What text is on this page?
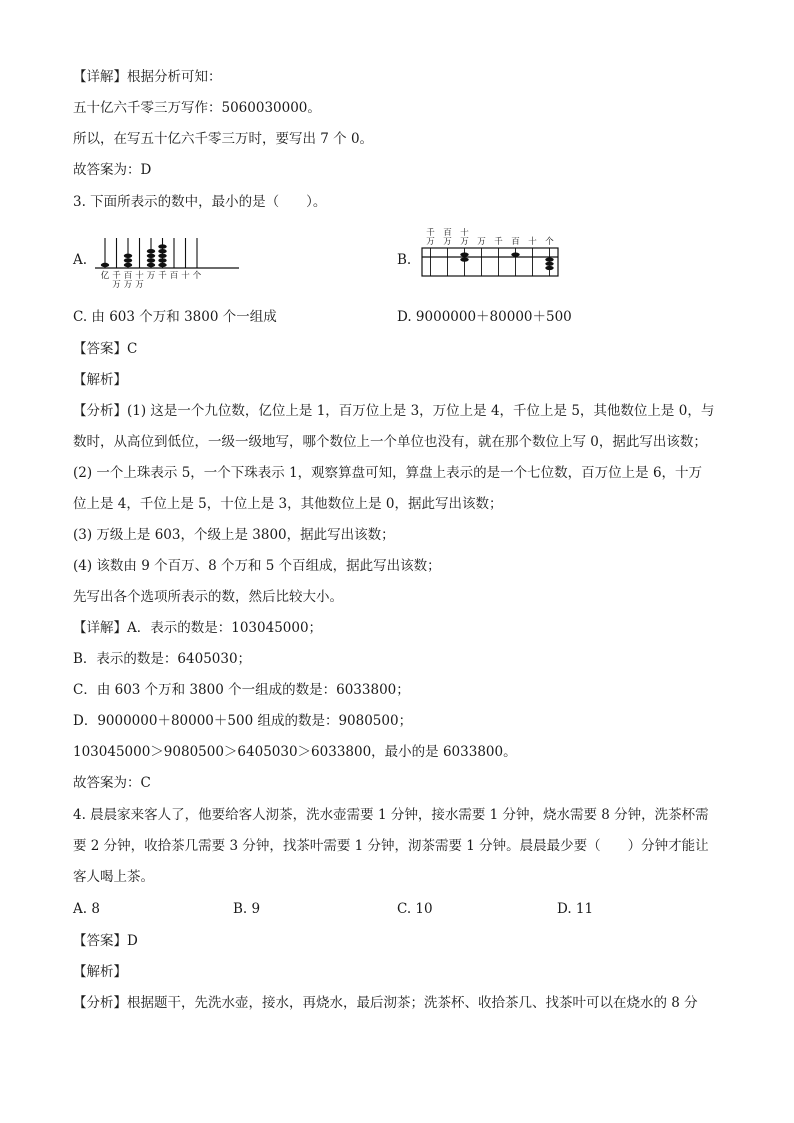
【详解】根据分析可知：
五十亿六千零三万写作：5060030000。
所以，在写五十亿六千零三万时，要写出 7 个 0。
故答案为：D
3. 下面所表示的数中，最小的是（　　）。
A.
亿 千
万
百
万
十
万
万 千 百 十 个
B.
千
万
百
万
十
万 万 千 百 十 个
C. 由 603 个万和 3800 个一组成	D. 9000000＋80000＋500
【答案】C
【解析】
【分析】(1) 这是一个九位数，亿位上是 1，百万位上是 3，万位上是 4，千位上是 5，其他数位上是 0，与
数时，从高位到低位，一级一级地写，哪个数位上一个单位也没有，就在那个数位上写 0，据此写出该数；
(2) 一个上珠表示 5，一个下珠表示 1，观察算盘可知，算盘上表示的是一个七位数，百万位上是 6，十万
位上是 4，千位上是 5，十位上是 3，其他数位上是 0，据此写出该数；
(3) 万级上是 603，个级上是 3800，据此写出该数；
(4) 该数由 9 个百万、8 个万和 5 个百组成，据此写出该数；
先写出各个选项所表示的数，然后比较大小。
【详解】A．表示的数是：103045000；
B．表示的数是：6405030；
C．由 603 个万和 3800 个一组成的数是：6033800；
D．9000000＋80000＋500 组成的数是：9080500；
103045000＞9080500＞6405030＞6033800，最小的是 6033800。
故答案为：C
4. 晨晨家来客人了，他要给客人沏茶，洗水壶需要 1 分钟，接水需要 1 分钟，烧水需要 8 分钟，洗茶杯需
要 2 分钟，收拾茶几需要 3 分钟，找茶叶需要 1 分钟，沏茶需要 1 分钟。晨晨最少要（　　）分钟才能让
客人喝上茶。
A. 8	B. 9	C. 10	D. 11
【答案】D
【解析】
【分析】根据题干，先洗水壶，接水，再烧水，最后沏茶；洗茶杯、收拾茶几、找茶叶可以在烧水的 8 分
